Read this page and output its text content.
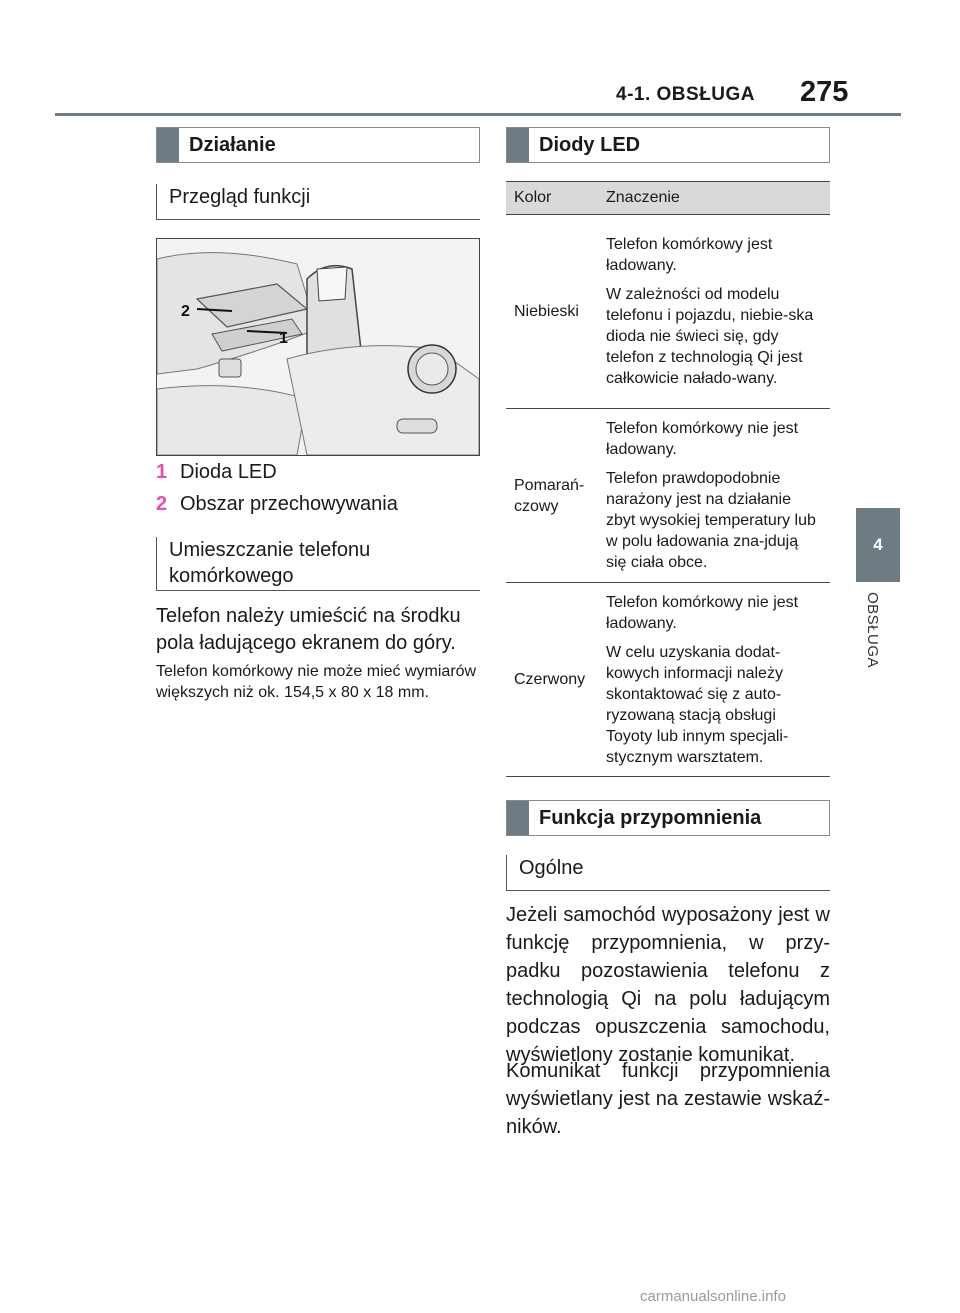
4-1. OBSŁUGA 275
4
OBSŁUGA
Działanie
Przegląd funkcji
2
1
1 Dioda LED
2 Obszar przechowywania
Umieszczanie telefonu
komórkowego
Telefon należy umieścić na środku pola ładującego ekranem do góry.
Telefon komórkowy nie może mieć wymiarów większych niż ok. 154,5 x 80 x 18 mm.
Diody LED
Kolor	Znaczenie
Niebieski	Telefon komórkowy jest ładowany.

W zależności od modelu telefonu i pojazdu, niebie-ska dioda nie świeci się, gdy telefon z technologią Qi jest całkowicie nałado-wany.

Pomarań-czowy	Telefon komórkowy nie jest ładowany.

Telefon prawdopodobnie narażony jest na działanie zbyt wysokiej temperatury lub w polu ładowania zna-jdują się ciała obce.

Czerwony	Telefon komórkowy nie jest ładowany.

W celu uzyskania dodat-kowych informacji należy skontaktować się z auto-ryzowaną stacją obsługi Toyoty lub innym specjali-stycznym warsztatem.

Funkcja przypomnienia
Ogólne
Jeżeli samochód wyposażony jest w funkcję przypomnienia, w przy-padku pozostawienia telefonu z technologią Qi na polu ładującym podczas opuszczenia samochodu, wyświetlony zostanie komunikat.
Komunikat funkcji przypomnienia wyświetlany jest na zestawie wskaź-ników.
carmanualsonline.info
